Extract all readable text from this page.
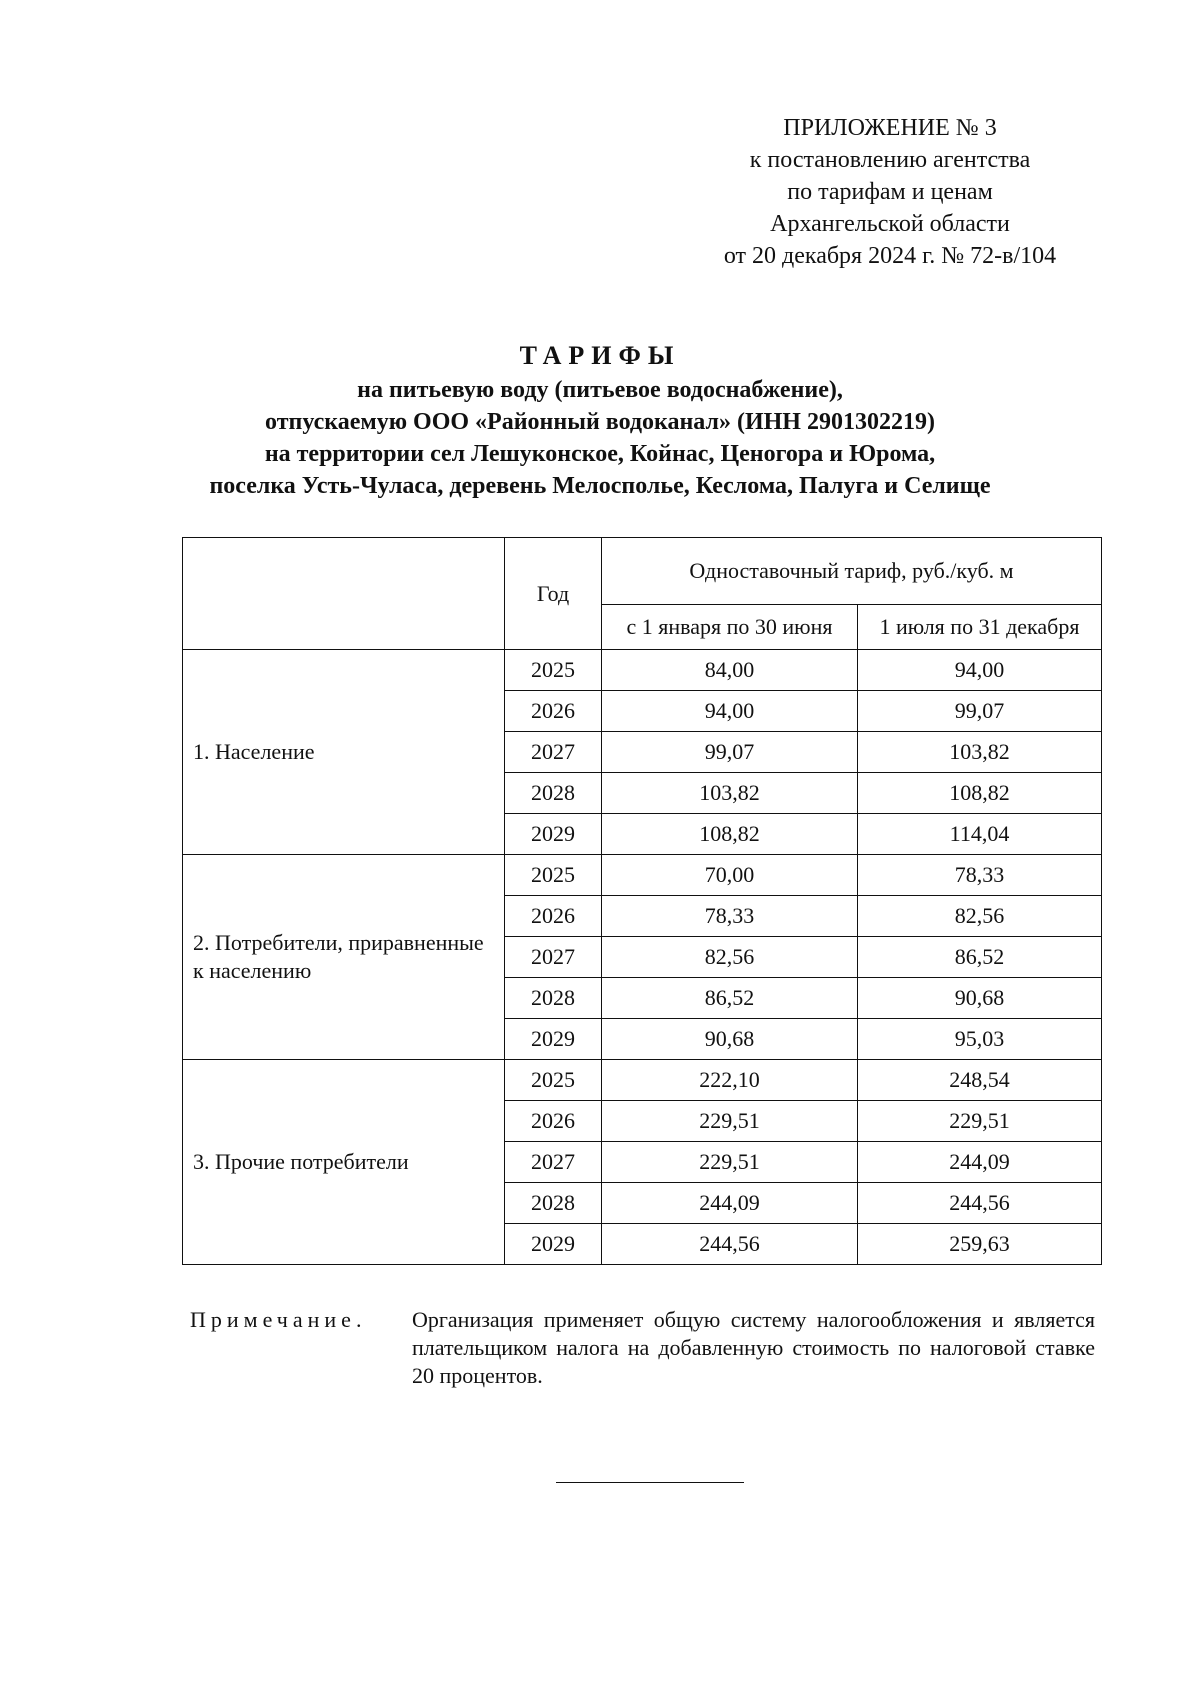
ПРИЛОЖЕНИЕ № 3
к постановлению агентства
по тарифам и ценам
Архангельской области
от 20 декабря 2024 г. № 72-в/104
ТАРИФЫ
на питьевую воду (питьевое водоснабжение),
отпускаемую ООО «Районный водоканал» (ИНН 2901302219)
на территории сел Лешуконское, Койнас, Ценогора и Юрома,
поселка Усть-Чуласа, деревень Мелосполье, Кеслома, Палуга и Селище
	Год	Одноставочный тариф, руб./куб. м	
		с 1 января по 30 июня	1 июля по 31 декабря
1. Население	2025	84,00	94,00
	2026	94,00	99,07
	2027	99,07	103,82
	2028	103,82	108,82
	2029	108,82	114,04
2. Потребители, приравненные к населению	2025	70,00	78,33
	2026	78,33	82,56
	2027	82,56	86,52
	2028	86,52	90,68
	2029	90,68	95,03
3. Прочие потребители	2025	222,10	248,54
	2026	229,51	229,51
	2027	229,51	244,09
	2028	244,09	244,56
	2029	244,56	259,63
Примечание. Организация применяет общую систему налогообложения и является плательщиком налога на добавленную стоимость по налоговой ставке 20 процентов.
